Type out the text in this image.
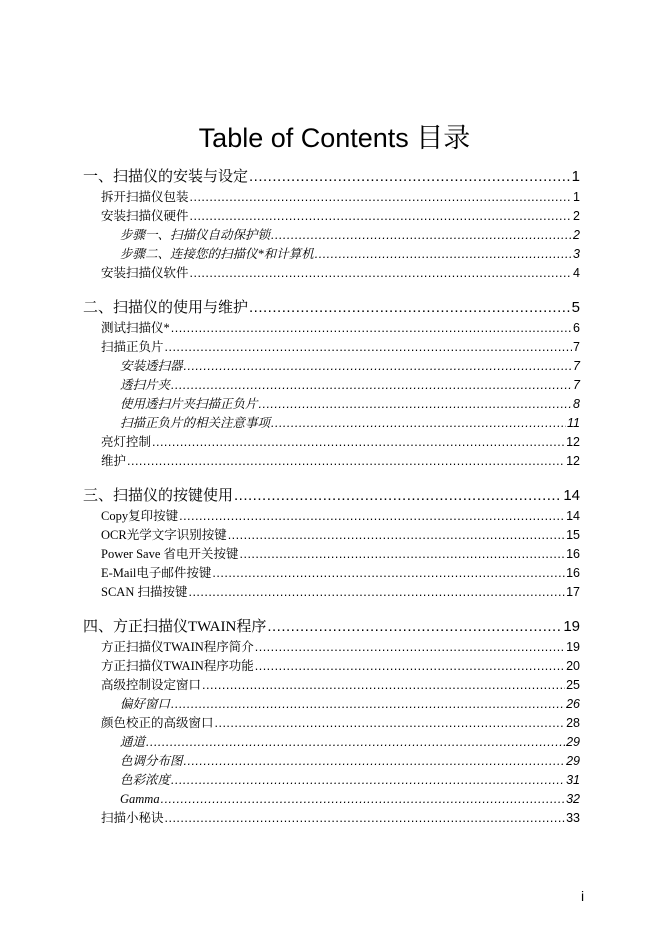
Table of Contents 目录
一、扫描仪的安装与设定 .....	1
拆开扫描仪包装 .....	1
安装扫描仪硬件 .....	2
步骤一、扫描仪自动保护锁 .....	2
步骤二、连接您的扫描仪*和计算机 .....	3
安装扫描仪软件 .....	4
二、扫描仪的使用与维护 .....	5
测试扫描仪* .....	6
扫描正负片 .....	7
安装透扫器 .....	7
透扫片夹 .....	7
使用透扫片夹扫描正负片 .....	8
扫描正负片的相关注意事项 .....	11
亮灯控制 .....	12
维护 .....	12
三、扫描仪的按键使用 .....	14
Copy复印按键 .....	14
OCR光学文字识别按键 .....	15
Power Save 省电开关按键 .....	16
E-Mail电子邮件按键 .....	16
SCAN 扫描按键 .....	17
四、方正扫描仪TWAIN程序 .....	19
方正扫描仪TWAIN程序简介 .....	19
方正扫描仪TWAIN程序功能 .....	20
高级控制设定窗口 .....	25
偏好窗口 .....	26
颜色校正的高级窗口 .....	28
通道 .....	29
色调分布图 .....	29
色彩浓度 .....	31
Gamma .....	32
扫描小秘诀 .....	33
i
